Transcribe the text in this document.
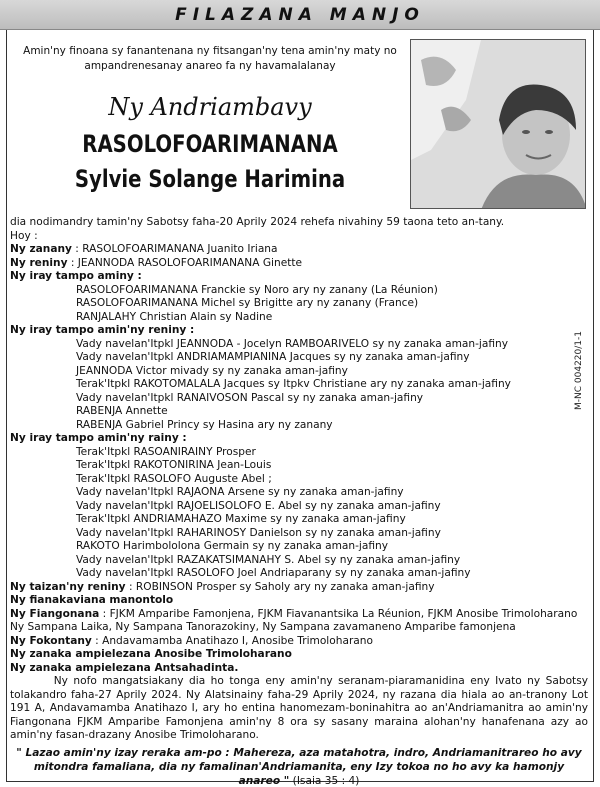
FILAZANA MANJO
Amin'ny finoana sy fanantenana ny fitsangan'ny tena amin'ny maty no ampandrenesanay anareo fa ny havamalalanay
Ny Andriambavy
RASOLOFOARIMANANA
Sylvie Solange Harimina
dia nodimandry tamin'ny Sabotsy faha-20 Aprily 2024 rehefa nivahiny 59 taona teto an-tany.
Hoy :
Ny zanany : RASOLOFOARIMANANA Juanito Iriana
Ny reniny : JEANNODA RASOLOFOARIMANANA Ginette
Ny iray tampo aminy :
RASOLOFOARIMANANA Franckie sy Noro ary ny zanany (La Réunion)
RASOLOFOARIMANANA Michel sy Brigitte ary ny zanany (France)
RANJALAHY Christian Alain sy Nadine
Ny iray tampo amin'ny reniny :
Vady navelan'Itpkl JEANNODA - Jocelyn RAMBOARIVELO sy ny zanaka aman-jafiny
Vady navelan'Itpkl ANDRIAMAMPIANINA Jacques sy ny zanaka aman-jafiny
JEANNODA Victor mivady sy ny zanaka aman-jafiny
Terak'Itpkl RAKOTOMALALA Jacques sy Itpkv Christiane ary ny zanaka aman-jafiny
Vady navelan'Itpkl RANAIVOSON Pascal sy ny zanaka aman-jafiny
RABENJA Annette
RABENJA Gabriel Princy sy Hasina ary ny zanany
Ny iray tampo amin'ny rainy :
Terak'Itpkl RASOANIRAINY Prosper
Terak'Itpkl RAKOTONIRINA Jean-Louis
Terak'Itpkl RASOLOFO Auguste Abel ;
Vady navelan'Itpkl RAJAONA Arsene sy ny zanaka aman-jafiny
Vady navelan'Itpkl RAJOELISOLOFO E. Abel sy ny zanaka aman-jafiny
Terak'Itpkl ANDRIAMAHAZO Maxime sy ny zanaka aman-jafiny
Vady navelan'Itpkl RAHARINOSY Danielson sy ny zanaka aman-jafiny
RAKOTO Harimbololona Germain sy ny zanaka aman-jafiny
Vady navelan'Itpkl RAZAKATSIMANAHY S. Abel sy ny zanaka aman-jafiny
Vady navelan'Itpkl RASOLOFO Joel Andriaparany sy ny zanaka aman-jafiny
Ny taizan'ny reniny : ROBINSON Prosper sy Saholy ary ny zanaka aman-jafiny
Ny fianakaviana manontolo
Ny Fiangonana : FJKM Amparibe Famonjena, FJKM Fiavanantsika La Réunion, FJKM Anosibe Trimoloharano
Ny Sampana Laika, Ny Sampana Tanorazokiny, Ny Sampana zavamaneno Amparibe famonjena
Ny Fokontany : Andavamamba Anatihazo I, Anosibe Trimoloharano
Ny zanaka ampielezana Anosibe Trimoloharano
Ny zanaka ampielezana Antsahadinta.
Ny nofo mangatsiakany dia ho tonga eny amin'ny seranam-piaramanidina eny Ivato ny Sabotsy tolakandro faha-27 Aprily 2024. Ny Alatsinainy faha-29 Aprily 2024, ny razana dia hiala ao an-tranony Lot 191 A, Andavamamba Anatihazo I, ary ho entina hanomezam-boninahitra ao an'Andriamanitra ao amin'ny Fiangonana FJKM Amparibe Famonjena amin'ny 8 ora sy sasany maraina alohan'ny hanafenana azy ao amin'ny fasan-drazany Anosibe Trimoloharano.
" Lazao amin'ny izay reraka am-po : Mahereza, aza matahotra, indro, Andriamanitrareo ho avy mitondra famaliana, dia ny famalinan'Andriamanita, eny Izy tokoa no ho avy ka hamonjy anareo " (Isaia 35 : 4)
M-NC 004220/1-1
